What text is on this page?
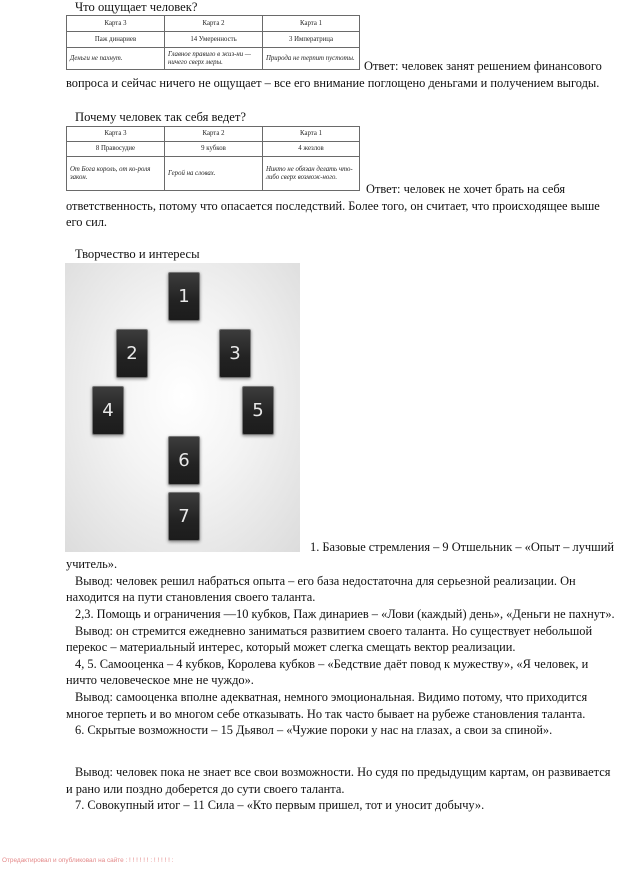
Что ощущает человек?
Карта 3	Карта 2	Карта 1
Паж динариев	14 Умеренность	3 Императрица
Деньги не пахнут.	Главное правило в жиз-ни — ничего сверх меры.	Природа не терпит пустоты.
Ответ: человек занят решением финансового
вопроса и сейчас ничего не ощущает – все его внимание поглощено деньгами и получением выгоды.
Почему человек так себя ведет?
Карта 3	Карта 2	Карта 1
8 Правосудие	9 кубков	4 жезлов
От Бога король, от ко-роля закон.	Герой на словах.	Никто не обязан делать что-либо сверх возмож-ного.
Ответ: человек не хочет брать на себя
ответственность, потому что опасается последствий. Более того, он считает, что происходящее выше
его сил.
Творчество и интересы
1
2	3
4	5
6
7
1. Базовые стремления – 9 Отшельник – «Опыт – лучший
учитель».
Вывод: человек решил набраться опыта – его база недостаточна для серьезной реализации. Он
находится на пути становления своего таланта.
2,3. Помощь и ограничения —10 кубков, Паж динариев – «Лови (каждый) день», «Деньги не пахнут».
Вывод: он стремится ежедневно заниматься развитием своего таланта. Но существует небольшой
перекос – материальный интерес, который может слегка смещать вектор реализации.
4, 5. Самооценка – 4 кубков, Королева кубков – «Бедствие даёт повод к мужеству», «Я человек, и
ничто человеческое мне не чуждо».
Вывод: самооценка вполне адекватная, немного эмоциональная. Видимо потому, что приходится
многое терпеть и во многом себе отказывать. Но так часто бывает на рубеже становления таланта.
6. Скрытые возможности – 15 Дьявол – «Чужие пороки у нас на глазах, а свои за спиной».
Вывод: человек пока не знает все свои возможности. Но судя по предыдущим картам, он развивается
и рано или поздно доберется до сути своего таланта.
7. Совокупный итог – 11 Сила – «Кто первым пришел, тот и уносит добычу».
Отредактировал и опубликовал на сайте : ! ! ! ! ! ! : ! ! ! ! ! :
